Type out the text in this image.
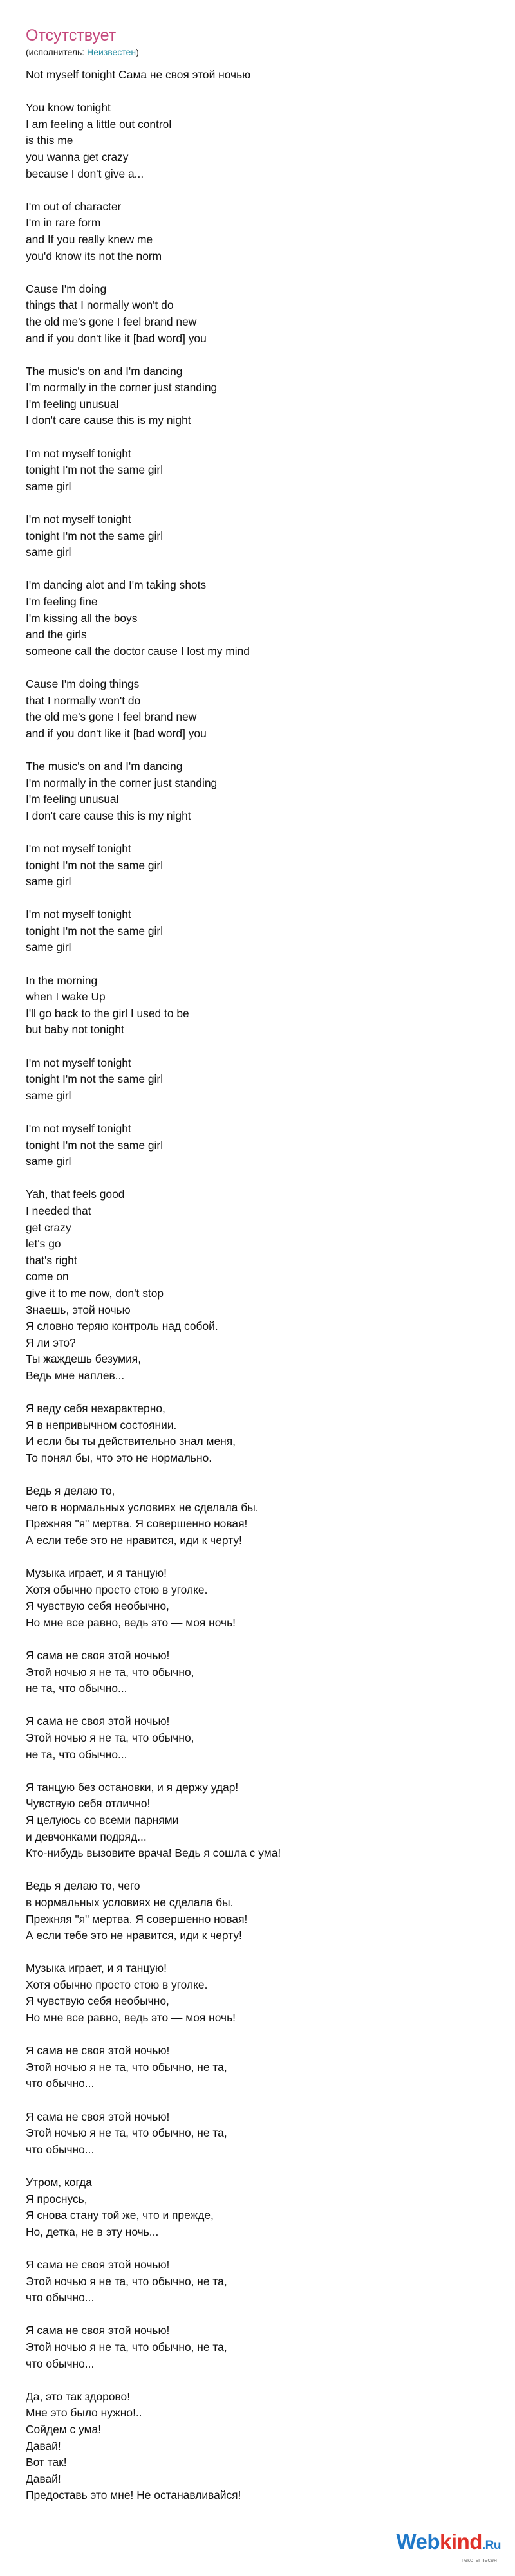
Отсутствует
(исполнитель: Неизвестен)
Not myself tonight Сама не своя этой ночью
You know tonight
I am feeling a little out control
is this me
you wanna get crazy
because I don't give a...
I'm out of character
I'm in rare form
and If you really knew me
you'd know its not the norm
Cause I'm doing
things that I normally won't do
the old me's gone I feel brand new
and if you don't like it [bad word] you
The music's on and I'm dancing
I'm normally in the corner just standing
I'm feeling unusual
I don't care cause this is my night
I'm not myself tonight
tonight I'm not the same girl
same girl
I'm not myself tonight
tonight I'm not the same girl
same girl
I'm dancing alot and I'm taking shots
I'm feeling fine
I'm kissing all the boys
and the girls
someone call the doctor cause I lost my mind
Cause I'm doing things
that I normally won't do
the old me's gone I feel brand new
and if you don't like it [bad word] you
The music's on and I'm dancing
I'm normally in the corner just standing
I'm feeling unusual
I don't care cause this is my night
I'm not myself tonight
tonight I'm not the same girl
same girl
I'm not myself tonight
tonight I'm not the same girl
same girl
In the morning
when I wake Up
I'll go back to the girl I used to be
but baby not tonight
I'm not myself tonight
tonight I'm not the same girl
same girl
I'm not myself tonight
tonight I'm not the same girl
same girl
Yah, that feels good
I needed that
get crazy
let's go
that's right
come on
give it to me now, don't stop
Знаешь, этой ночью
Я словно теряю контроль над собой.
Я ли это?
Ты жаждешь безумия,
Ведь мне наплев...
Я веду себя нехарактерно,
Я в непривычном состоянии.
И если бы ты действительно знал меня,
То понял бы, что это не нормально.
Ведь я делаю то,
чего в нормальных условиях не сделала бы.
Прежняя "я" мертва. Я совершенно новая!
А если тебе это не нравится, иди к черту!
Музыка играет, и я танцую!
Хотя обычно просто стою в уголке.
Я чувствую себя необычно,
Но мне все равно, ведь это — моя ночь!
Я сама не своя этой ночью!
Этой ночью я не та, что обычно,
не та, что обычно...
Я сама не своя этой ночью!
Этой ночью я не та, что обычно,
не та, что обычно...
Я танцую без остановки, и я держу удар!
Чувствую себя отлично!
Я целуюсь со всеми парнями
и девчонками подряд...
Кто-нибудь вызовите врача! Ведь я сошла с ума!
Ведь я делаю то, чего
в нормальных условиях не сделала бы.
Прежняя "я" мертва. Я совершенно новая!
А если тебе это не нравится, иди к черту!
Музыка играет, и я танцую!
Хотя обычно просто стою в уголке.
Я чувствую себя необычно,
Но мне все равно, ведь это — моя ночь!
Я сама не своя этой ночью!
Этой ночью я не та, что обычно, не та,
что обычно...
Я сама не своя этой ночью!
Этой ночью я не та, что обычно, не та,
что обычно...
Утром, когда
Я проснусь,
Я снова стану той же, что и прежде,
Но, детка, не в эту ночь...
Я сама не своя этой ночью!
Этой ночью я не та, что обычно, не та,
что обычно...
Я сама не своя этой ночью!
Этой ночью я не та, что обычно, не та,
что обычно...
Да, это так здорово!
Мне это было нужно!..
Сойдем с ума!
Давай!
Вот так!
Давай!
Предоставь это мне! Не останавливайся!
Webkind.Ru
тексты песен
